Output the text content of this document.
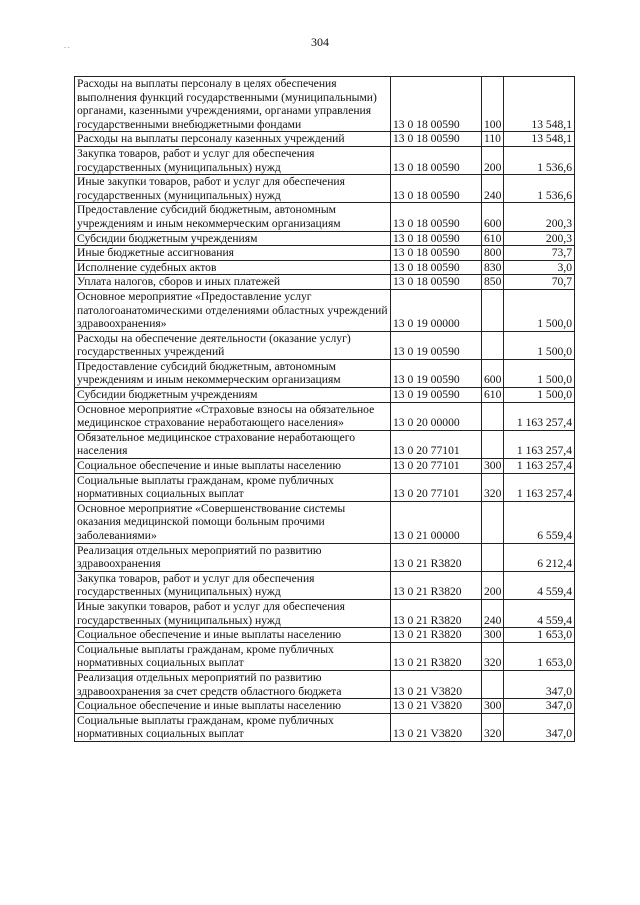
304
- -
Расходы на выплаты персоналу в целях обеспечения выполнения функций государственными (муниципальными) органами, казенными учреждениями, органами управления государственными внебюджетными фондами	13 0 18 00590	100	13 548,1
Расходы на выплаты персоналу казенных учреждений	13 0 18 00590	110	13 548,1
Закупка товаров, работ и услуг для обеспечения государственных (муниципальных) нужд	13 0 18 00590	200	1 536,6
Иные закупки товаров, работ и услуг для обеспечения государственных (муниципальных) нужд	13 0 18 00590	240	1 536,6
Предоставление субсидий бюджетным, автономным учреждениям и иным некоммерческим организациям	13 0 18 00590	600	200,3
Субсидии бюджетным учреждениям	13 0 18 00590	610	200,3
Иные бюджетные ассигнования	13 0 18 00590	800	73,7
Исполнение судебных актов	13 0 18 00590	830	3,0
Уплата налогов, сборов и иных платежей	13 0 18 00590	850	70,7
Основное мероприятие «Предоставление услуг патологоанатомическими отделениями областных учреждений здравоохранения»	13 0 19 00000		1 500,0
Расходы на обеспечение деятельности (оказание услуг) государственных учреждений	13 0 19 00590		1 500,0
Предоставление субсидий бюджетным, автономным учреждениям и иным некоммерческим организациям	13 0 19 00590	600	1 500,0
Субсидии бюджетным учреждениям	13 0 19 00590	610	1 500,0
Основное мероприятие «Страховые взносы на обязательное медицинское страхование неработающего населения»	13 0 20 00000		1 163 257,4
Обязательное медицинское страхование неработающего населения	13 0 20 77101		1 163 257,4
Социальное обеспечение и иные выплаты населению	13 0 20 77101	300	1 163 257,4
Социальные выплаты гражданам, кроме публичных нормативных социальных выплат	13 0 20 77101	320	1 163 257,4
Основное мероприятие «Совершенствование системы оказания медицинской помощи больным прочими заболеваниями»	13 0 21 00000		6 559,4
Реализация отдельных мероприятий по развитию здравоохранения	13 0 21 R3820		6 212,4
Закупка товаров, работ и услуг для обеспечения государственных (муниципальных) нужд	13 0 21 R3820	200	4 559,4
Иные закупки товаров, работ и услуг для обеспечения государственных (муниципальных) нужд	13 0 21 R3820	240	4 559,4
Социальное обеспечение и иные выплаты населению	13 0 21 R3820	300	1 653,0
Социальные выплаты гражданам, кроме публичных нормативных социальных выплат	13 0 21 R3820	320	1 653,0
Реализация отдельных мероприятий по развитию здравоохранения за счет средств областного бюджета	13 0 21 V3820		347,0
Социальное обеспечение и иные выплаты населению	13 0 21 V3820	300	347,0
Социальные выплаты гражданам, кроме публичных нормативных социальных выплат	13 0 21 V3820	320	347,0
